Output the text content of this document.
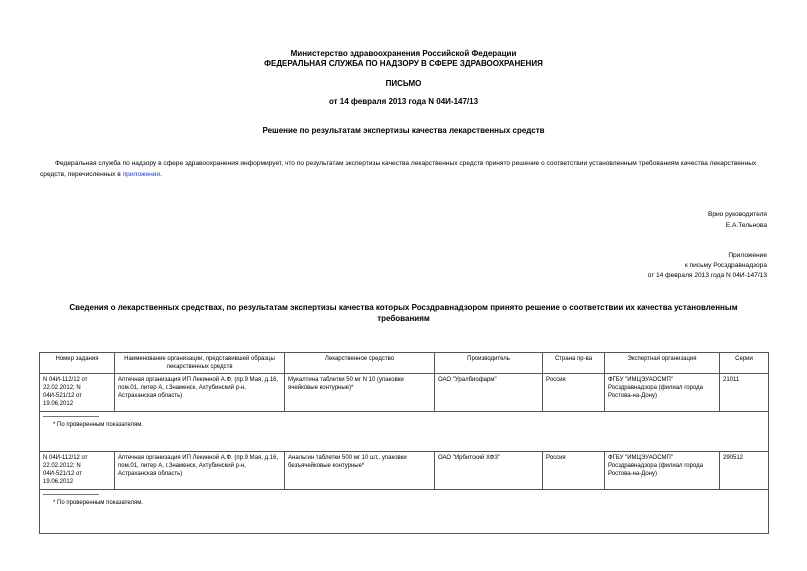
Министерство здравоохранения Российской Федерации
ФЕДЕРАЛЬНАЯ СЛУЖБА ПО НАДЗОРУ В СФЕРЕ ЗДРАВООХРАНЕНИЯ
ПИСЬМО
от 14 февраля 2013 года N 04И-147/13
Решение по результатам экспертизы качества лекарственных средств

Федеральная служба по надзору в сфере здравоохранения информирует, что по результатам экспертизы качества лекарственных средств принято решение о соответствии установленным требованиям качества лекарственных средств, перечисленных в приложении.

Врио руководителя
Е.А.Тельнова
Приложение
к письму Росздравнадзора
от 14 февраля 2013 года N 04И-147/13
Сведения о лекарственных средствах, по результатам экспертизы качества которых Росздравнадзором принято решение о соответствии их качества установленным требованиям
Номер задания	Наименование организации, представившей образцы лекарственных средств	Лекарственное средство	Производитель	Страна пр-ва	Экспертная организация	Серии
N 04И-112/12 от 22.02.2012; N 04И-521/12 от 19.06.2012	Аптечная организация ИП Лекинной А.Ф. (пр.9 Мая, д.16, пом.01, литер А, г.Знаменск, Ахтубинский р-н, Астраханская область)	Мукалтина таблетки 50 мг N 10 (упаковки ячейковые контурные)*	ОАО "Уралбиофарм"	Россия	ФГБУ "ИМЦЭУАОСМП" Росздравнадзора (филиал города Ростова-на-Дону)	21011

* По проверенным показателям.						
N 04И-112/12 от 22.02.2012; N 04И-521/12 от 19.06.2012	Аптечная организация ИП Лекинной А.Ф. (пр.9 Мая, д.16, пом.01, литер А, г.Знаменск, Ахтубинский р-н, Астраханская область)	Анальгин таблетки 500 мг 10 шт., упаковки безъячейковые контурные*	ОАО "Ирбитский ХФЗ"	Россия	ФГБУ "ИМЦЭУАОСМП" Росздравнадзора (филиал города Ростова-на-Дону)	290512

* По проверенным показателям.						
